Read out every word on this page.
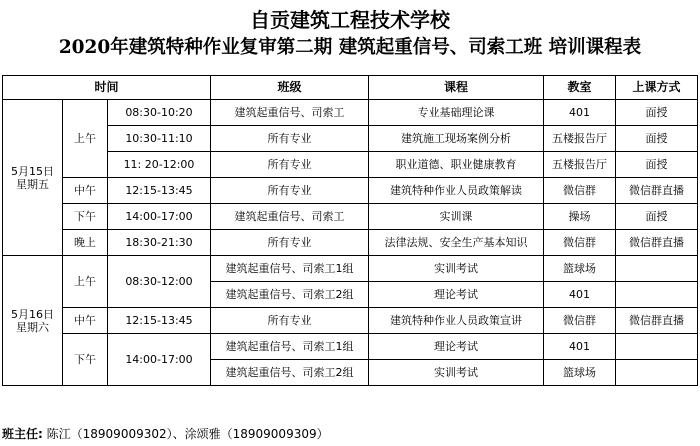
自贡建筑工程技术学校
2020年建筑特种作业复审第二期 建筑起重信号、司索工班 培训课程表
时间			班级	课程	教室	上课方式
5月15日
星期五	上午	08:30-10:20	建筑起重信号、司索工	专业基础理论课	401	面授
		10:30-11:10	所有专业	建筑施工现场案例分析	五楼报告厅	面授
		11: 20-12:00	所有专业	职业道德、职业健康教育	五楼报告厅	面授
	中午	12:15-13:45	所有专业	建筑特种作业人员政策解读	微信群	微信群直播
	下午	14:00-17:00	建筑起重信号、司索工	实训课	操场	面授
	晚上	18:30-21:30	所有专业	法律法规、安全生产基本知识	微信群	微信群直播
5月16日
星期六	上午	08:30-12:00	建筑起重信号、司索工1组	实训考试	篮球场	
			建筑起重信号、司索工2组	理论考试	401	
	中午	12:15-13:45	所有专业	建筑特种作业人员政策宣讲	微信群	微信群直播
	下午	14:00-17:00	建筑起重信号、司索工1组	理论考试	401	
			建筑起重信号、司索工2组	实训考试	篮球场	
班主任: 陈江（18909009302）、涂颂雅（18909009309）
